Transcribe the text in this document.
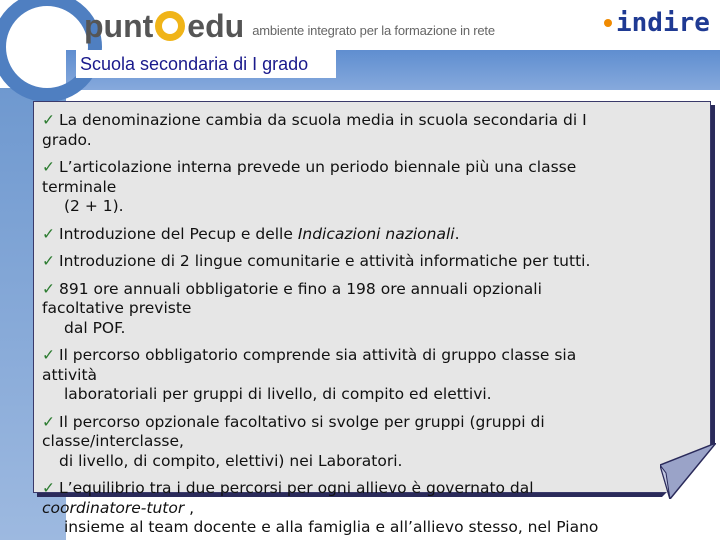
punt edu ambiente integrato per la formazione in rete	indire
Scuola secondaria di I grado
✓ La denominazione cambia da scuola media in scuola secondaria di I
grado.
✓ L’articolazione interna prevede un periodo biennale più una classe
terminale
(2 + 1).
✓ Introduzione del Pecup e delle Indicazioni nazionali.
✓ Introduzione di 2 lingue comunitarie e attività informatiche per tutti.
✓ 891 ore annuali obbligatorie e fino a 198 ore annuali opzionali
facoltative previste
dal POF.
✓ Il percorso obbligatorio comprende sia attività di gruppo classe sia
attività
laboratoriali per gruppi di livello, di compito ed elettivi.
✓ Il percorso opzionale facoltativo si svolge per gruppi (gruppi di
classe/interclasse,
di livello, di compito, elettivi) nei Laboratori.
✓ L’equilibrio tra i due percorsi per ogni allievo è governato dal
coordinatore-tutor ,
insieme al team docente e alla famiglia e all’allievo stesso, nel Piano
